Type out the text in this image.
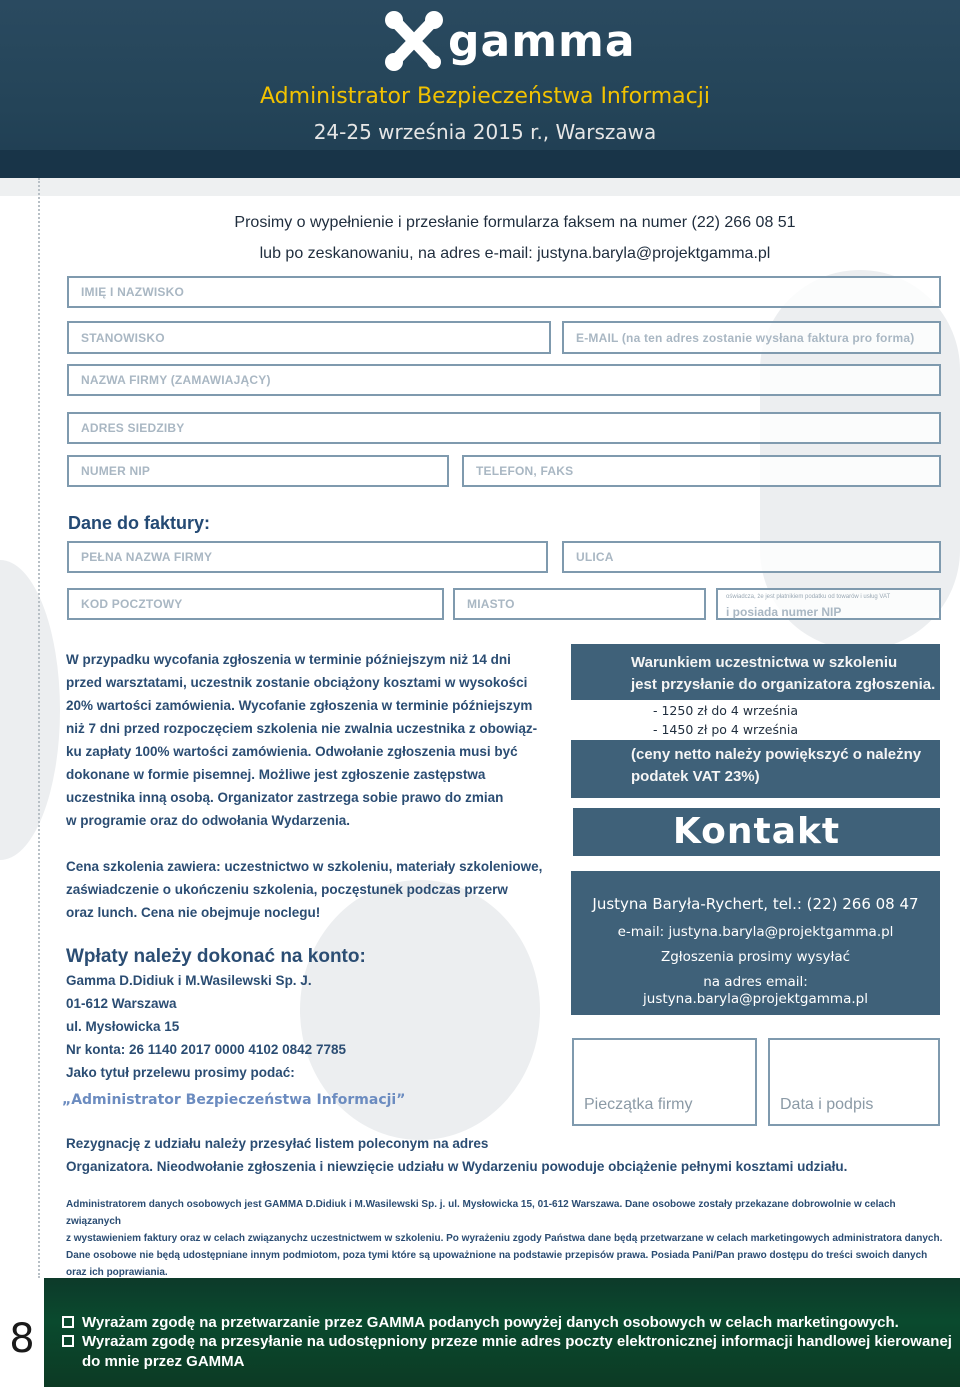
gamma
Administrator Bezpieczeństwa Informacji
24-25 września 2015 r., Warszawa
Prosimy o wypełnienie i przesłanie formularza faksem na numer (22) 266 08 51
lub po zeskanowaniu, na adres e-mail: justyna.baryla@projektgamma.pl
IMIĘ I NAZWISKO
STANOWISKO	E-MAIL (na ten adres zostanie wysłana faktura pro forma)
NAZWA FIRMY (ZAMAWIAJĄCY)
ADRES SIEDZIBY
NUMER NIP	TELEFON, FAKS
Dane do faktury:
PEŁNA NAZWA FIRMY	ULICA
KOD POCZTOWY	MIASTO	oświadcza, że jest płatnikiem podatku od towarów i usług VAT
i posiada numer NIP
W przypadku wycofania zgłoszenia w terminie późniejszym niż 14 dni
przed warsztatami, uczestnik zostanie obciążony kosztami w wysokości
20% wartości zamówienia. Wycofanie zgłoszenia w terminie późniejszym
niż 7 dni przed rozpoczęciem szkolenia nie zwalnia uczestnika z obowiąz-
ku zapłaty 100% wartości zamówienia. Odwołanie zgłoszenia musi być
dokonane w formie pisemnej. Możliwe jest zgłoszenie zastępstwa
uczestnika inną osobą. Organizator zastrzega sobie prawo do zmian
w programie oraz do odwołania Wydarzenia.
Cena szkolenia zawiera: uczestnictwo w szkoleniu, materiały szkoleniowe,
zaświadczenie o ukończeniu szkolenia, poczęstunek podczas przerw
oraz lunch. Cena nie obejmuje noclegu!
Wpłaty należy dokonać na konto:
Gamma D.Didiuk i M.Wasilewski Sp. J.
01-612 Warszawa
ul. Mysłowicka 15
Nr konta: 26 1140 2017 0000 4102 0842 7785
Jako tytuł przelewu prosimy podać:
„Administrator Bezpieczeństwa Informacji”
Warunkiem uczestnictwa w szkoleniu
jest przysłanie do organizatora zgłoszenia.
- 1250 zł do 4 września
- 1450 zł po 4 września
(ceny netto należy powiększyć o należny
podatek VAT 23%)
Kontakt
Justyna Baryła-Rychert, tel.: (22) 266 08 47
e-mail: justyna.baryla@projektgamma.pl
Zgłoszenia prosimy wysyłać
na adres email:
justyna.baryla@projektgamma.pl
Pieczątka firmy	Data i podpis
Rezygnację z udziału należy przesyłać listem poleconym na adres
Organizatora. Nieodwołanie zgłoszenia i niewzięcie udziału w Wydarzeniu powoduje obciążenie pełnymi kosztami udziału.
Administratorem danych osobowych jest GAMMA D.Didiuk i M.Wasilewski Sp. j. ul. Mysłowicka 15, 01-612 Warszawa. Dane osobowe zostały przekazane dobrowolnie w celach związanych
z wystawieniem faktury oraz w celach związanychz uczestnictwem w szkoleniu. Po wyrażeniu zgody Państwa dane będą przetwarzane w celach marketingowych administratora danych.
Dane osobowe nie będą udostępniane innym podmiotom, poza tymi które są upoważnione na podstawie przepisów prawa. Posiada Pani/Pan prawo dostępu do treści swoich danych
oraz ich poprawiania.
8	Wyrażam zgodę na przetwarzanie przez GAMMA podanych powyżej danych osobowych w celach marketingowych.
Wyrażam zgodę na przesyłanie na udostępniony przeze mnie adres poczty elektronicznej informacji handlowej kierowanej
do mnie przez GAMMA
